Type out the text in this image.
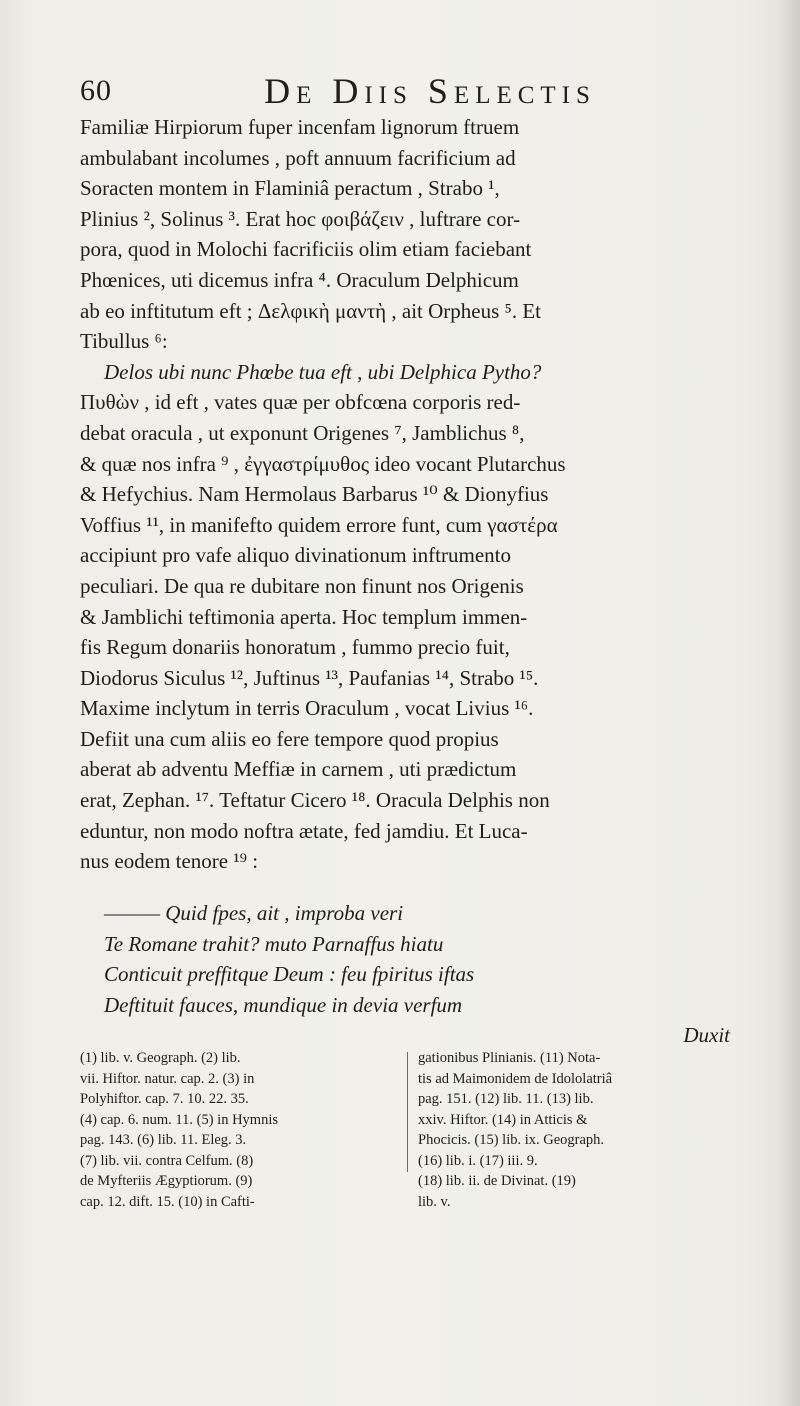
60	De Diis Selectis
Familiæ Hirpiorum fuper incenfam lignorum ftruem
ambulabant incolumes , poft annuum facrificium ad
Soracten montem in Flaminiâ peractum , Strabo ¹,
Plinius ², Solinus ³. Erat hoc φοιβάζειν , luftrare cor-
pora, quod in Molochi facrificiis olim etiam faciebant
Phœnices, uti dicemus infra ⁴. Oraculum Delphicum
ab eo inftitutum eft ; Δελφικὴ μαντὴ , ait Orpheus ⁵. Et
Tibullus ⁶:
Delos ubi nunc Phœbe tua eft , ubi Delphica Pytho?
Πυθὼν , id eft , vates quæ per obfcœna corporis red-
debat oracula , ut exponunt Origenes ⁷, Jamblichus ⁸,
& quæ nos infra ⁹ , ἐγγαστρίμυθος ideo vocant Plutarchus
& Hefychius. Nam Hermolaus Barbarus ¹⁰ & Dionyfius
Voffius ¹¹, in manifefto quidem errore funt, cum γαστέρα
accipiunt pro vafe aliquo divinationum inftrumento
peculiari. De qua re dubitare non finunt nos Origenis
& Jamblichi teftimonia aperta. Hoc templum immen-
fis Regum donariis honoratum , fummo precio fuit,
Diodorus Siculus ¹², Juftinus ¹³, Paufanias ¹⁴, Strabo ¹⁵.
Maxime inclytum in terris Oraculum , vocat Livius ¹⁶.
Defiit una cum aliis eo fere tempore quod propius
aberat ab adventu Meffiæ in carnem , uti prædictum
erat, Zephan. ¹⁷. Teftatur Cicero ¹⁸. Oracula Delphis non
eduntur, non modo noftra ætate, fed jamdiu. Et Luca-
nus eodem tenore ¹⁹ :
——— Quid fpes, ait , improba veri
Te Romane trahit? muto Parnaffus hiatu
Conticuit preffitque Deum : feu fpiritus iftas
Deftituit fauces, mundique in devia verfum
Duxit
(1) lib. v. Geograph. (2) lib.
vii. Hiftor. natur. cap. 2. (3) in
Polyhiftor. cap. 7. 10. 22. 35.
(4) cap. 6. num. 11. (5) in Hymnis
pag. 143. (6) lib. 11. Eleg. 3.
(7) lib. vii. contra Celfum. (8)
de Myfteriis Ægyptiorum. (9)
cap. 12. dift. 15. (10) in Cafti-
gationibus Plinianis. (11) Nota-
tis ad Maimonidem de Idololatriâ
pag. 151. (12) lib. 11. (13) lib.
xxiv. Hiftor. (14) in Atticis &
Phocicis. (15) lib. ix. Geograph.
(16) lib. i. (17) iii. 9.
(18) lib. ii. de Divinat. (19)
lib. v.
